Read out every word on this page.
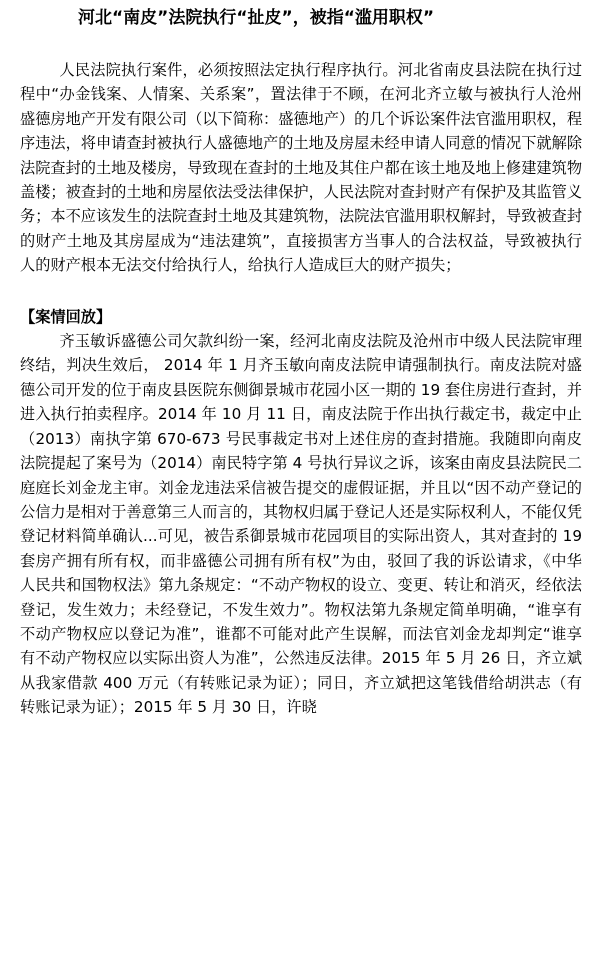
河北“南皮”法院执行“扯皮”，被指“滥用职权”

人民法院执行案件，必须按照法定执行程序执行。河北省南皮县法院在执行过程中“办金钱案、人情案、关系案”，置法律于不顾，在河北齐立敏与被执行人沧州盛德房地产开发有限公司（以下简称：盛德地产）的几个诉讼案件法官滥用职权，程序违法，将申请查封被执行人盛德地产的土地及房屋未经申请人同意的情况下就解除法院查封的土地及楼房，导致现在查封的土地及其住户都在该土地及地上修建建筑物盖楼；被查封的土地和房屋依法受法律保护，人民法院对查封财产有保护及其监管义务；本不应该发生的法院查封土地及其建筑物，法院法官滥用职权解封，导致被查封的财产土地及其房屋成为“违法建筑”，直接损害方当事人的合法权益，导致被执行人的财产根本无法交付给执行人，给执行人造成巨大的财产损失；

【案情回放】

齐玉敏诉盛德公司欠款纠纷一案，经河北南皮法院及沧州市中级人民法院审理终结，判决生效后， 2014 年 1 月齐玉敏向南皮法院申请强制执行。南皮法院对盛德公司开发的位于南皮县医院东侧御景城市花园小区一期的 19 套住房进行查封，并进入执行拍卖程序。2014 年 10 月 11 日，南皮法院于作出执行裁定书，裁定中止（2013）南执字第 670-673 号民事裁定书对上述住房的查封措施。我随即向南皮法院提起了案号为（2014）南民特字第 4 号执行异议之诉，该案由南皮县法院民二庭庭长刘金龙主审。刘金龙违法采信被告提交的虚假证据，并且以“因不动产登记的公信力是相对于善意第三人而言的，其物权归属于登记人还是实际权利人，不能仅凭登记材料简单确认...可见，被告系御景城市花园项目的实际出资人，其对查封的 19 套房产拥有所有权，而非盛德公司拥有所有权”为由，驳回了我的诉讼请求，《中华人民共和国物权法》第九条规定：“不动产物权的设立、变更、转让和消灭，经依法登记，发生效力；未经登记，不发生效力”。物权法第九条规定简单明确，“谁享有不动产物权应以登记为准”，谁都不可能对此产生误解，而法官刘金龙却判定“谁享有不动产物权应以实际出资人为准”，公然违反法律。2015 年 5 月 26 日，齐立斌从我家借款 400 万元（有转账记录为证）；同日，齐立斌把这笔钱借给胡洪志（有转账记录为证）；2015 年 5 月 30 日，许晓
